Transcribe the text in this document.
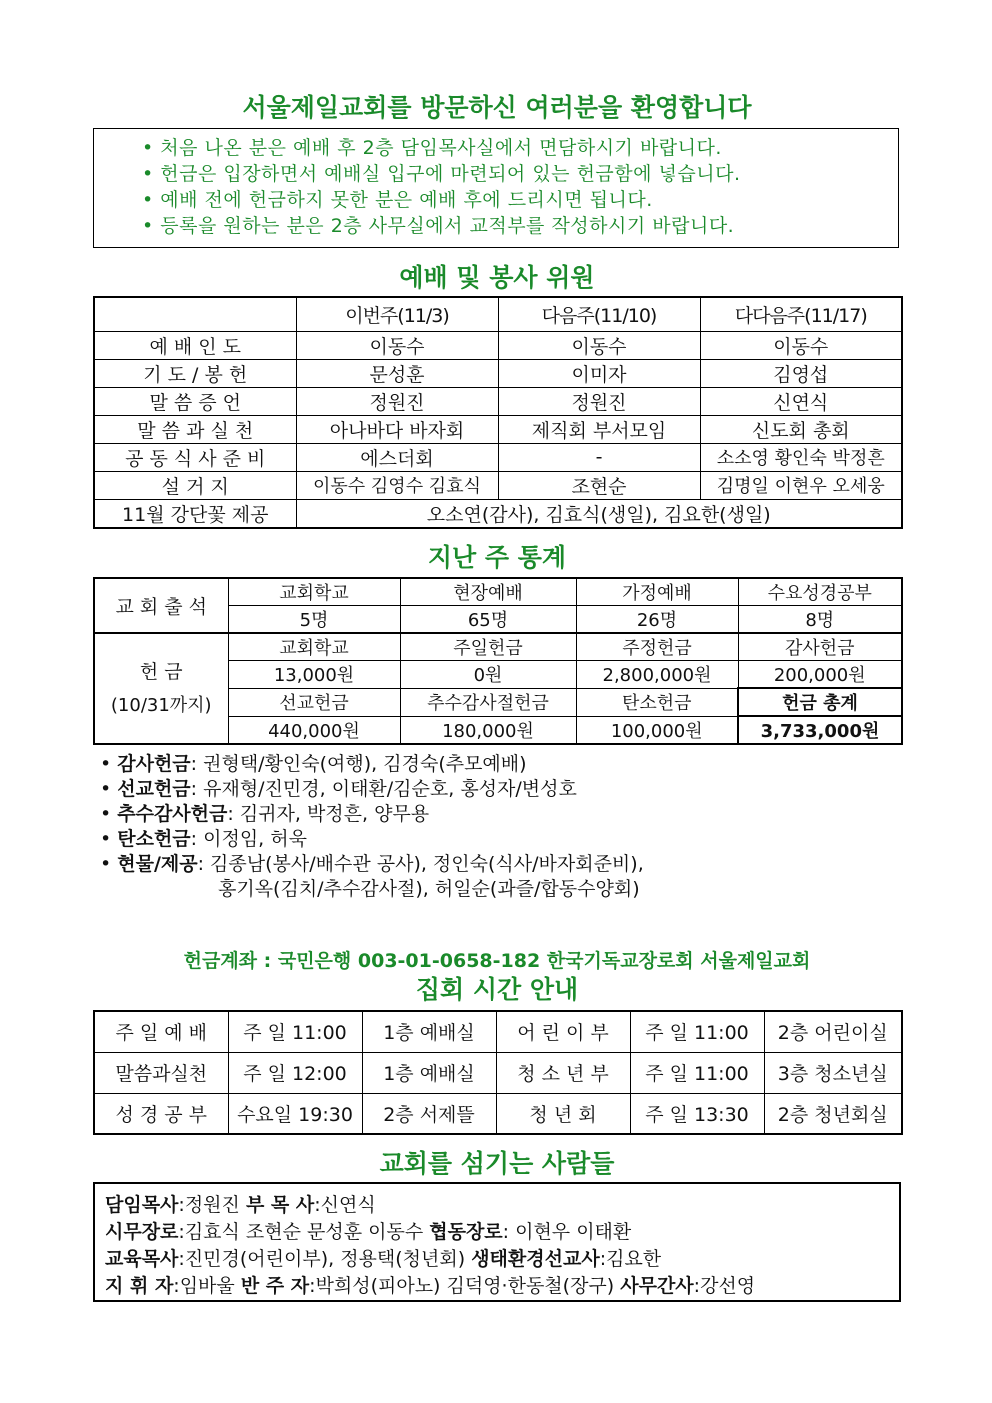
서울제일교회를 방문하신 여러분을 환영합니다
• 처음 나온 분은 예배 후 2층 담임목사실에서 면담하시기 바랍니다.
• 헌금은 입장하면서 예배실 입구에 마련되어 있는 헌금함에 넣습니다.
• 예배 전에 헌금하지 못한 분은 예배 후에 드리시면 됩니다.
• 등록을 원하는 분은 2층 사무실에서 교적부를 작성하시기 바랍니다.
예배 및 봉사 위원
	이번주(11/3)	다음주(11/10)	다다음주(11/17)
예 배 인 도	이동수	이동수	이동수
기 도 / 봉 헌	문성훈	이미자	김영섭
말 씀 증 언	정원진	정원진	신연식
말 씀 과 실 천	아나바다 바자회	제직회 부서모임	신도회 총회
공 동 식 사 준 비	에스더회	-	소소영 황인숙 박정흔
설 거 지	이동수 김영수 김효식	조현순	김명일 이현우 오세웅
11월 강단꽃 제공	오소연(감사), 김효식(생일), 김요한(생일)		
지난 주 통계
교 회 출 석	교회학교	현장예배	가정예배	수요성경공부
	5명	65명	26명	8명

헌 금
(10/31까지)	교회학교	주일헌금	주정헌금	감사헌금
	13,000원	0원	2,800,000원	200,000원
	선교헌금	추수감사절헌금	탄소헌금	헌금 총계
	440,000원	180,000원	100,000원	3,733,000원
• 감사헌금: 권형택/황인숙(여행), 김경숙(추모예배)
• 선교헌금: 유재형/진민경, 이태환/김순호, 홍성자/변성호
• 추수감사헌금: 김귀자, 박정흔, 양무용
• 탄소헌금: 이정임, 허욱
• 현물/제공: 김종남(봉사/배수관 공사), 정인숙(식사/바자회준비),
홍기옥(김치/추수감사절), 허일순(과즐/합동수양회)
헌금계좌 : 국민은행 003-01-0658-182 한국기독교장로회 서울제일교회
집회 시간 안내
주 일 예 배	주 일 11:00	1층 예배실	어 린 이 부	주 일 11:00	2층 어린이실
말씀과실천	주 일 12:00	1층 예배실	청 소 년 부	주 일 11:00	3층 청소년실
성 경 공 부	수요일 19:30	2층 서제뜰	청 년 회	주 일 13:30	2층 청년회실
교회를 섬기는 사람들
담임목사:정원진 부 목 사:신연식
시무장로:김효식 조현순 문성훈 이동수 협동장로: 이현우 이태환
교육목사:진민경(어린이부), 정용택(청년회) 생태환경선교사:김요한
지 휘 자:임바울 반 주 자:박희성(피아노) 김덕영·한동철(장구) 사무간사:강선영
